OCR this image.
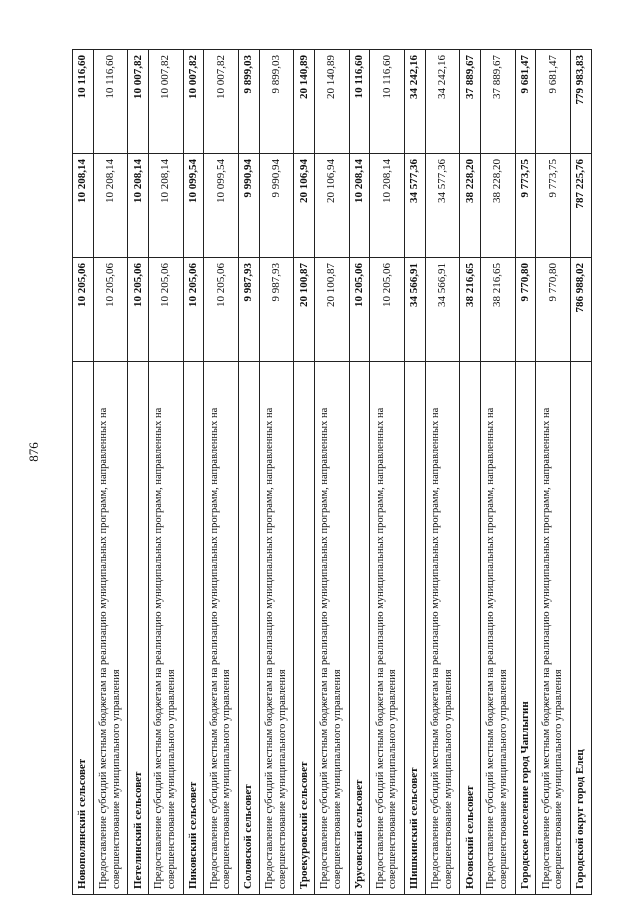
876
Новополянский сельсовет	10 205,06	10 208,14	10 116,60
Предоставление субсидий местным бюджетам на реализацию муниципальных программ, направленных на совершенствование муниципального управления	10 205,06	10 208,14	10 116,60
Петелинский сельсовет	10 205,06	10 208,14	10 007,82
Предоставление субсидий местным бюджетам на реализацию муниципальных программ, направленных на совершенствование муниципального управления	10 205,06	10 208,14	10 007,82
Пиковский сельсовет	10 205,06	10 099,54	10 007,82
Предоставление субсидий местным бюджетам на реализацию муниципальных программ, направленных на совершенствование муниципального управления	10 205,06	10 099,54	10 007,82
Соловской сельсовет	9 987,93	9 990,94	9 899,03
Предоставление субсидий местным бюджетам на реализацию муниципальных программ, направленных на совершенствование муниципального управления	9 987,93	9 990,94	9 899,03
Троекуровский сельсовет	20 100,87	20 106,94	20 140,89
Предоставление субсидий местным бюджетам на реализацию муниципальных программ, направленных на совершенствование муниципального управления	20 100,87	20 106,94	20 140,89
Урусовский сельсовет	10 205,06	10 208,14	10 116,60
Предоставление субсидий местным бюджетам на реализацию муниципальных программ, направленных на совершенствование муниципального управления	10 205,06	10 208,14	10 116,60
Шишкинский сельсовет	34 566,91	34 577,36	34 242,16
Предоставление субсидий местным бюджетам на реализацию муниципальных программ, направленных на совершенствование муниципального управления	34 566,91	34 577,36	34 242,16
Юсовский сельсовет	38 216,65	38 228,20	37 889,67
Предоставление субсидий местным бюджетам на реализацию муниципальных программ, направленных на совершенствование муниципального управления	38 216,65	38 228,20	37 889,67
Городское поселение город Чаплыгин	9 770,80	9 773,75	9 681,47
Предоставление субсидий местным бюджетам на реализацию муниципальных программ, направленных на совершенствование муниципального управления	9 770,80	9 773,75	9 681,47
Городской округ город Елец	786 988,02	787 225,76	779 983,83
